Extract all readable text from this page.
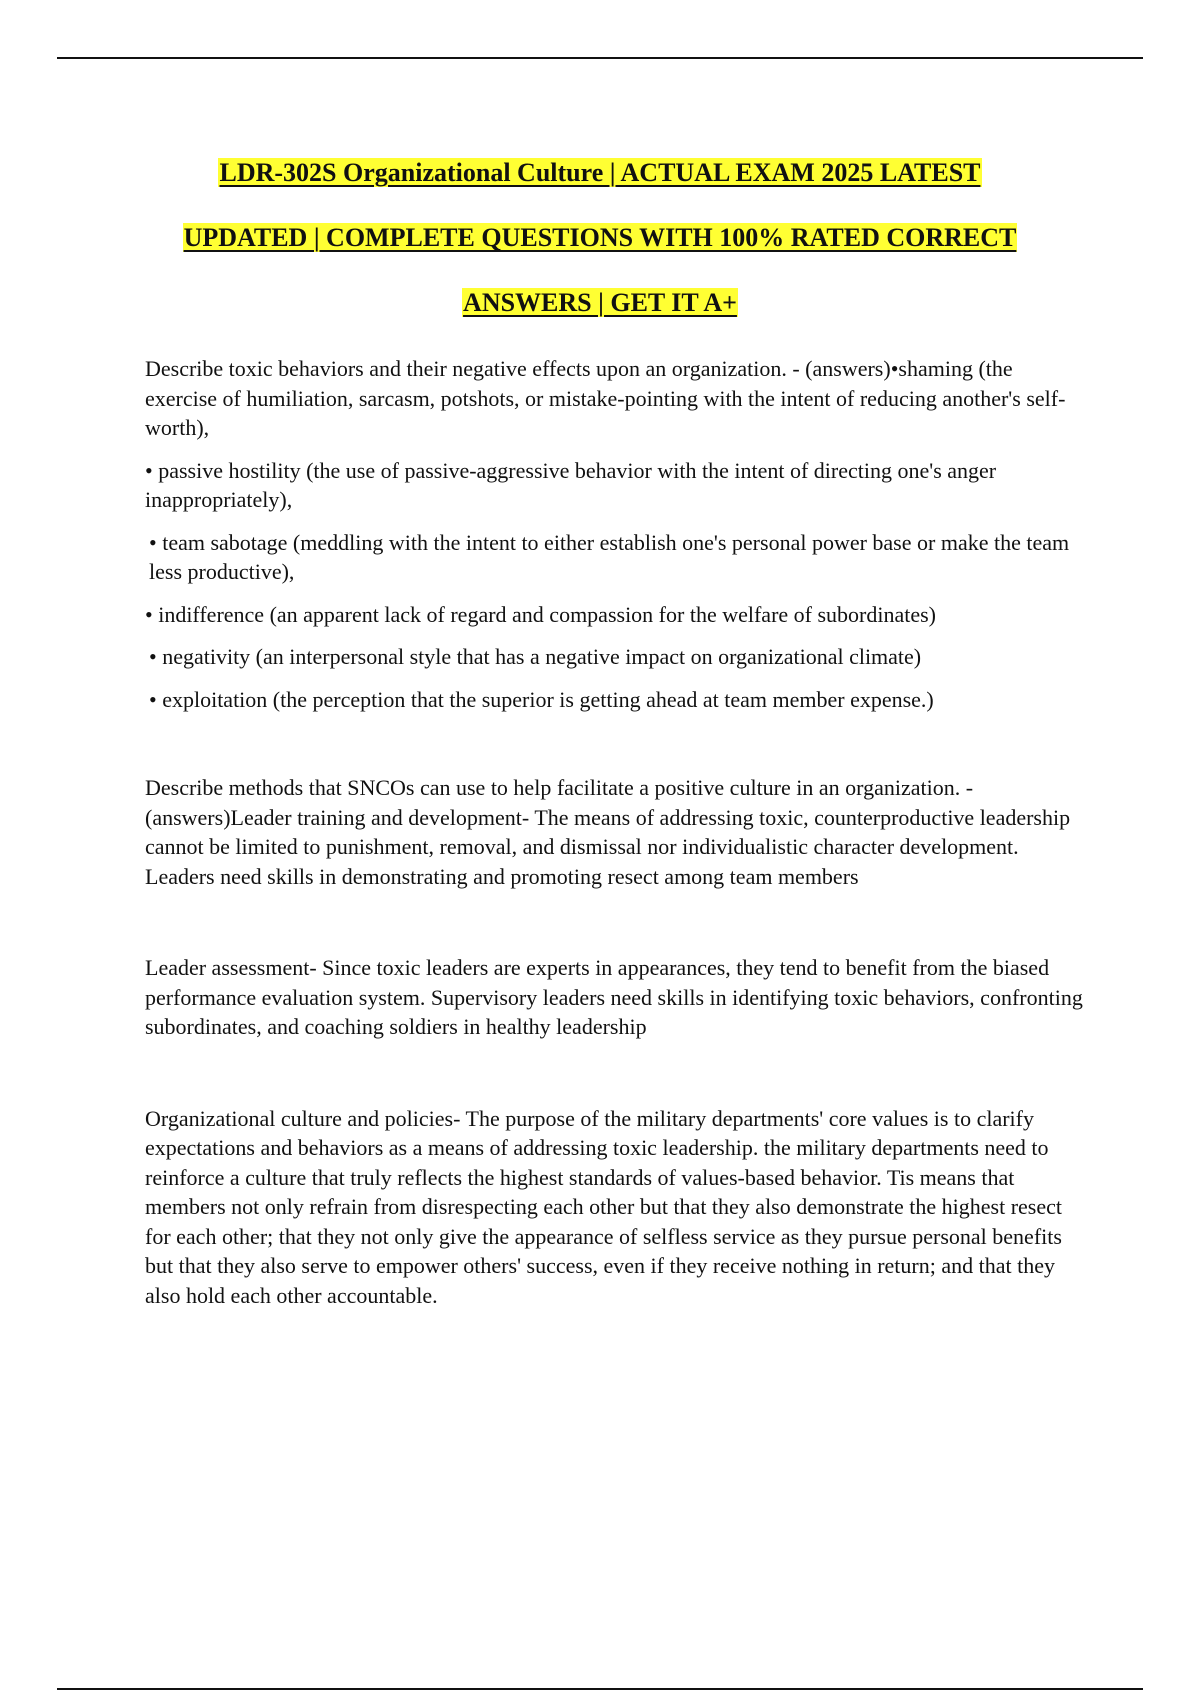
LDR-302S Organizational Culture | ACTUAL EXAM 2025 LATEST

UPDATED | COMPLETE QUESTIONS WITH 100% RATED CORRECT

ANSWERS | GET IT A+

Describe toxic behaviors and their negative effects upon an organization. - (answers)•shaming (the exercise of humiliation, sarcasm, potshots, or mistake-pointing with the intent of reducing another's self-worth),

• passive hostility (the use of passive-aggressive behavior with the intent of directing one's anger inappropriately),

• team sabotage (meddling with the intent to either establish one's personal power base or make the team less productive),

• indifference (an apparent lack of regard and compassion for the welfare of subordinates)

• negativity (an interpersonal style that has a negative impact on organizational climate)

• exploitation (the perception that the superior is getting ahead at team member expense.)

Describe methods that SNCOs can use to help facilitate a positive culture in an organization. - (answers)Leader training and development- The means of addressing toxic, counterproductive leadership cannot be limited to punishment, removal, and dismissal nor individualistic character development. Leaders need skills in demonstrating and promoting resect among team members

Leader assessment- Since toxic leaders are experts in appearances, they tend to benefit from the biased performance evaluation system. Supervisory leaders need skills in identifying toxic behaviors, confronting subordinates, and coaching soldiers in healthy leadership

Organizational culture and policies- The purpose of the military departments' core values is to clarify expectations and behaviors as a means of addressing toxic leadership. the military departments need to reinforce a culture that truly reflects the highest standards of values-based behavior. Tis means that members not only refrain from disrespecting each other but that they also demonstrate the highest resect for each other; that they not only give the appearance of selfless service as they pursue personal benefits but that they also serve to empower others' success, even if they receive nothing in return; and that they also hold each other accountable.
